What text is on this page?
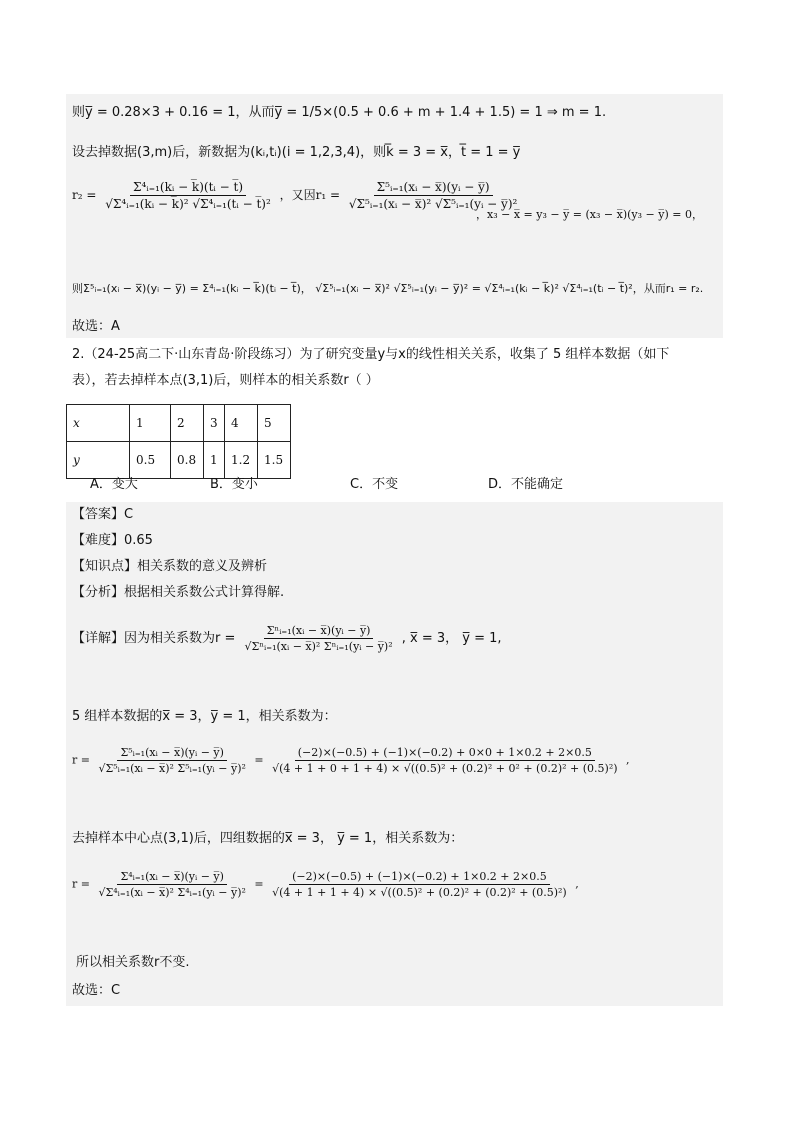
则y̅ = 0.28×3 + 0.16 = 1，从而y̅ = 1/5×(0.5 + 0.6 + m + 1.4 + 1.5) = 1 ⇒ m = 1.
设去掉数据(3,m)后，新数据为(kᵢ,tᵢ)(i = 1,2,3,4)，则k̅ = 3 = x̅，t̅ = 1 = y̅
$r_2 = \frac{\text{Σ⁴ᵢ₌₁(kᵢ − k̅)(tᵢ − t̅)}}{\text{√Σ⁴ᵢ₌₁(kᵢ − k̅)² √Σ⁴ᵢ₌₁(tᵢ − t̅)²}}$ ，又因$r_1 = \frac{\text{Σ⁵ᵢ₌₁(xᵢ − x̅)(yᵢ − y̅)}}{\text{√Σ⁵ᵢ₌₁(xᵢ − x̅)² √Σ⁵ᵢ₌₁(yᵢ − y̅)²}}$
，x₃ − x̅ = y₃ − y̅ = (x₃ − x̅)(y₃ − y̅) = 0，
则Σ⁵ᵢ₌₁(xᵢ − x̅)(yᵢ − y̅) = Σ⁴ᵢ₌₁(kᵢ − k̅)(tᵢ − t̅)， √Σ⁵ᵢ₌₁(xᵢ − x̅)² √Σ⁵ᵢ₌₁(yᵢ − y̅)² = √Σ⁴ᵢ₌₁(kᵢ − k̅)² √Σ⁴ᵢ₌₁(tᵢ − t̅)²，从而r₁ = r₂.
故选：A
2.（24-25高二下·山东青岛·阶段练习）为了研究变量y与x的线性相关关系，收集了 5 组样本数据（如下
表），若去掉样本点(3,1)后，则样本的相关系数r（ ）
x	1	2	3	4	5
y	0.5	0.8	1	1.2	1.5
A．变大	B．变小	C．不变	D．不能确定
【答案】C
【难度】0.65
【知识点】相关系数的意义及辨析
【分析】根据相关系数公式计算得解.
【详解】因为相关系数为$r = \frac{\text{Σⁿᵢ₌₁(xᵢ − x̅)(yᵢ − y̅)}}{\text{√Σⁿᵢ₌₁(xᵢ − x̅)² Σⁿᵢ₌₁(yᵢ − y̅)²}}$ , x̅ = 3， y̅ = 1,
5 组样本数据的x̅ = 3，y̅ = 1，相关系数为：
$r = \frac{\text{Σ⁵ᵢ₌₁(xᵢ − x̅)(yᵢ − y̅)}}{\text{√Σ⁵ᵢ₌₁(xᵢ − x̅)² Σ⁵ᵢ₌₁(yᵢ − y̅)²}}$ =
(−2)×(−0.5) + (−1)×(−0.2) + 0×0 + 1×0.2 + 2×0.5
√(4 + 1 + 0 + 1 + 4) × √((0.5)² + (0.2)² + 0² + (0.2)² + (0.5)²)
,
去掉样本中心点(3,1)后，四组数据的x̅ = 3， y̅ = 1，相关系数为：
$r = \frac{\text{Σ⁴ᵢ₌₁(xᵢ − x̅)(yᵢ − y̅)}}{\text{√Σ⁴ᵢ₌₁(xᵢ − x̅)² Σ⁴ᵢ₌₁(yᵢ − y̅)²}} = \frac{(-2)\times(-0.5) + (-1)\times(-0.2) + 1\times 0.2 + 2\times 0.5}{\text{√(4 + 1 + 1 + 4) × √((0.5)² + (0.2)² + (0.2)² + (0.5)²)}}$ ,
所以相关系数r不变.
故选：C
